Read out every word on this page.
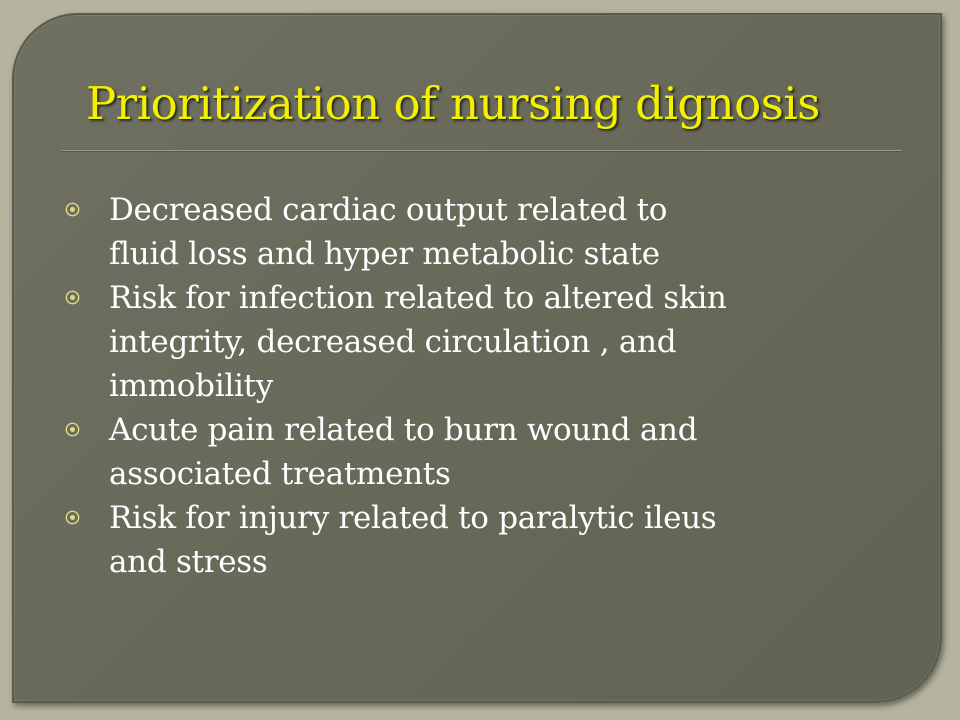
Prioritization of nursing dignosis
Decreased cardiac output related to
fluid loss and hyper metabolic state
Risk for infection related to altered skin
integrity, decreased circulation , and
immobility
Acute pain related to burn wound and
associated treatments
Risk for injury related to paralytic ileus
and stress
